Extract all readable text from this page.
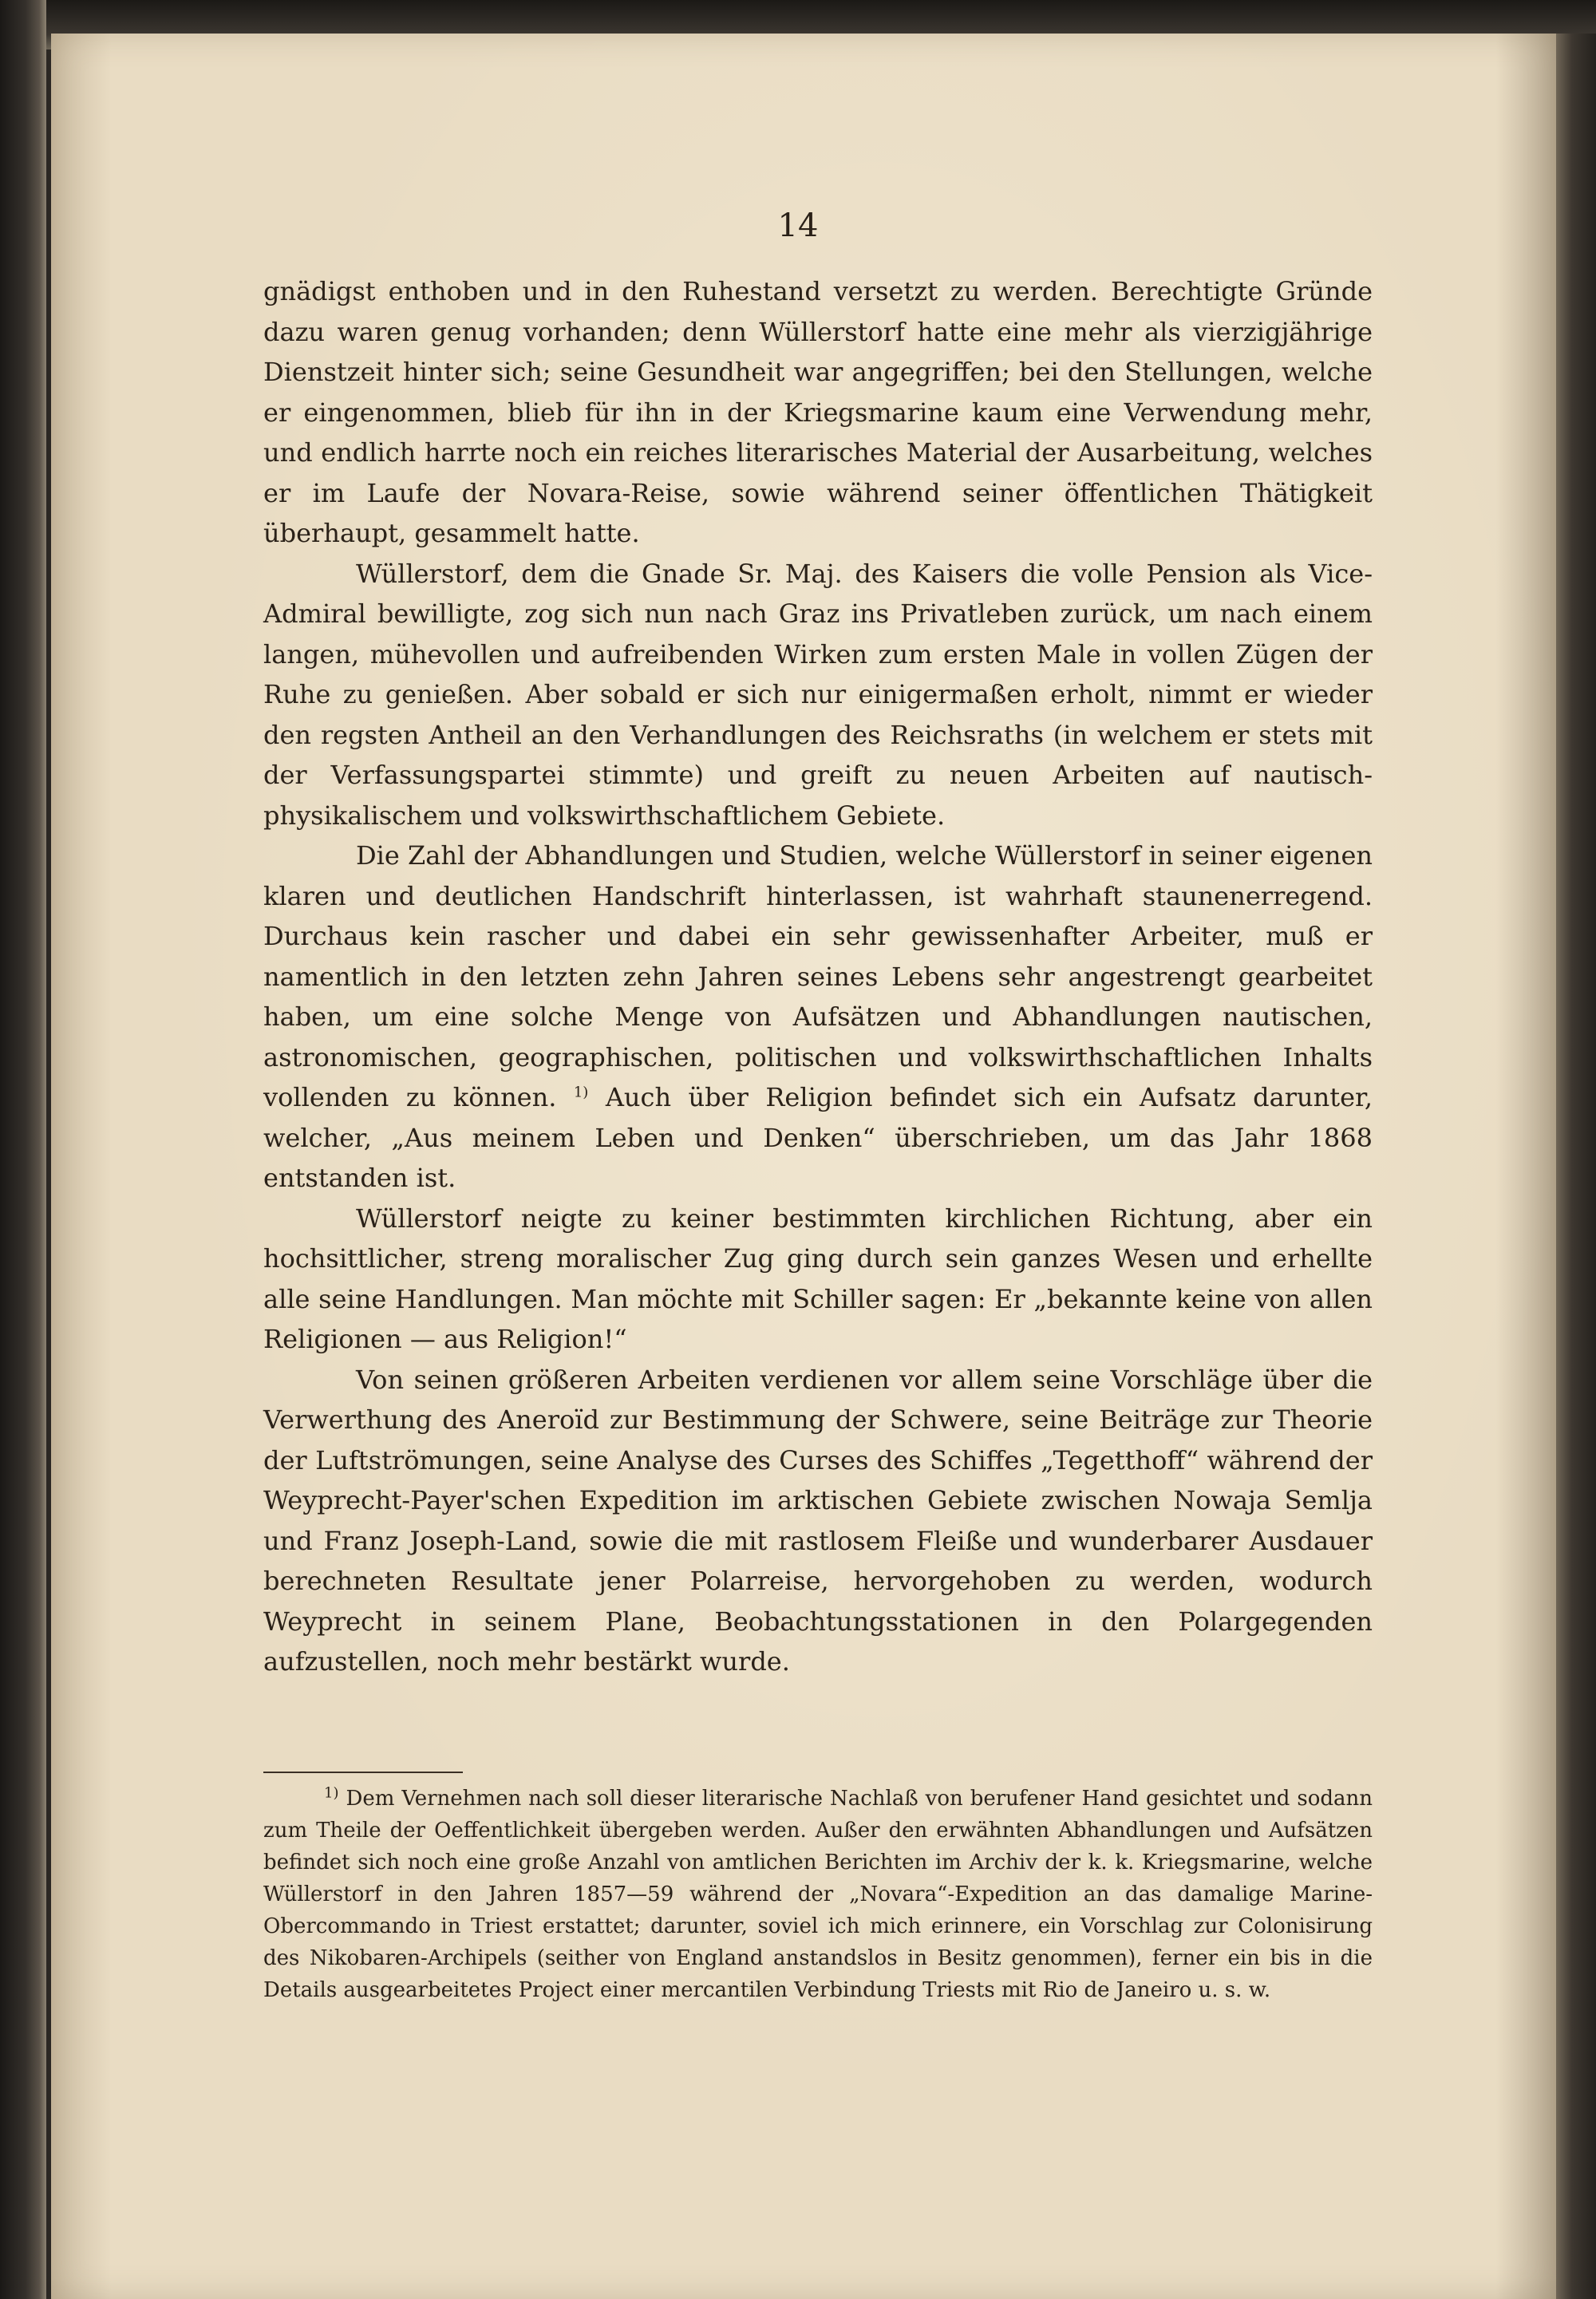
14

gnädigst enthoben und in den Ruhestand versetzt zu werden. Berechtigte Gründe dazu waren genug vorhanden; denn Wüllerstorf hatte eine mehr als vierzigjährige Dienstzeit hinter sich; seine Gesundheit war angegriffen; bei den Stellungen, welche er eingenommen, blieb für ihn in der Kriegsmarine kaum eine Verwendung mehr, und endlich harrte noch ein reiches literarisches Material der Ausarbeitung, welches er im Laufe der Novara-Reise, sowie während seiner öffentlichen Thätigkeit überhaupt, gesammelt hatte.

Wüllerstorf, dem die Gnade Sr. Maj. des Kaisers die volle Pension als Vice-Admiral bewilligte, zog sich nun nach Graz ins Privatleben zurück, um nach einem langen, mühevollen und aufreibenden Wirken zum ersten Male in vollen Zügen der Ruhe zu genießen. Aber sobald er sich nur einigermaßen erholt, nimmt er wieder den regsten Antheil an den Verhandlungen des Reichsraths (in welchem er stets mit der Verfassungspartei stimmte) und greift zu neuen Arbeiten auf nautisch-physikalischem und volkswirthschaftlichem Gebiete.

Die Zahl der Abhandlungen und Studien, welche Wüllerstorf in seiner eigenen klaren und deutlichen Handschrift hinterlassen, ist wahrhaft staunenerregend. Durchaus kein rascher und dabei ein sehr gewissenhafter Arbeiter, muß er namentlich in den letzten zehn Jahren seines Lebens sehr angestrengt gearbeitet haben, um eine solche Menge von Aufsätzen und Abhandlungen nautischen, astronomischen, geographischen, politischen und volkswirthschaftlichen Inhalts vollenden zu können. $^{1)}$ Auch über Religion befindet sich ein Aufsatz darunter, welcher, „Aus meinem Leben und Denken“ überschrieben, um das Jahr 1868 entstanden ist.

Wüllerstorf neigte zu keiner bestimmten kirchlichen Richtung, aber ein hochsittlicher, streng moralischer Zug ging durch sein ganzes Wesen und erhellte alle seine Handlungen. Man möchte mit Schiller sagen: Er „bekannte keine von allen Religionen — aus Religion!“

Von seinen größeren Arbeiten verdienen vor allem seine Vorschläge über die Verwerthung des Aneroïd zur Bestimmung der Schwere, seine Beiträge zur Theorie der Luftströmungen, seine Analyse des Curses des Schiffes „Tegetthoff“ während der Weyprecht-Payer'schen Expedition im arktischen Gebiete zwischen Nowaja Semlja und Franz Joseph-Land, sowie die mit rastlosem Fleiße und wunderbarer Ausdauer berechneten Resultate jener Polarreise, hervorgehoben zu werden, wodurch Weyprecht in seinem Plane, Beobachtungsstationen in den Polargegenden aufzustellen, noch mehr bestärkt wurde.

$^{1)}$ Dem Vernehmen nach soll dieser literarische Nachlaß von berufener Hand gesichtet und sodann zum Theile der Oeffentlichkeit übergeben werden. Außer den erwähnten Abhandlungen und Aufsätzen befindet sich noch eine große Anzahl von amtlichen Berichten im Archiv der k. k. Kriegsmarine, welche Wüllerstorf in den Jahren 1857—59 während der „Novara“-Expedition an das damalige Marine-Obercommando in Triest erstattet; darunter, soviel ich mich erinnere, ein Vorschlag zur Colonisirung des Nikobaren-Archipels (seither von England anstandslos in Besitz genommen), ferner ein bis in die Details ausgearbeitetes Project einer mercantilen Verbindung Triests mit Rio de Janeiro u. s. w.
